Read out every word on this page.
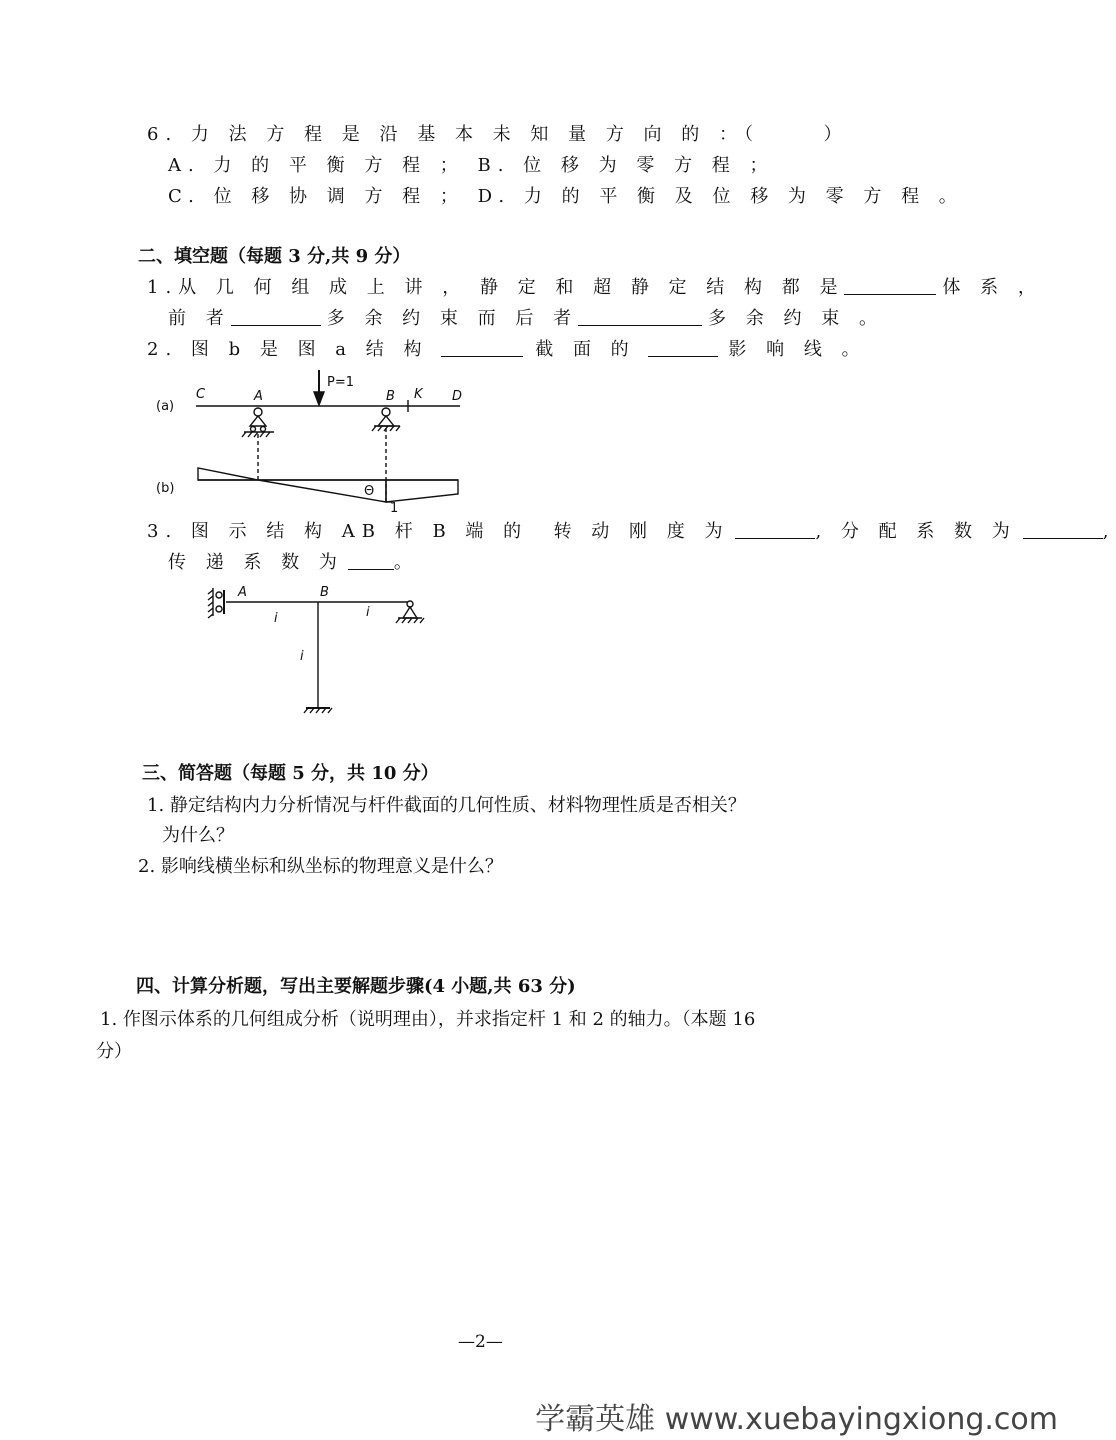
6. 力 法 方 程 是 沿 基 本 未 知 量 方 向 的 ：（     ）
A. 力 的 平 衡 方 程 ； B. 位 移 为 零 方 程 ；
C. 位 移 协 调 方 程 ； D. 力 的 平 衡 及 位 移 为 零 方 程 。
二、填空题（每题 3 分,共 9 分）
1.从 几 何 组 成 上 讲 ， 静 定 和 超 静 定 结 构 都 是	体 系 ，
前 者	多 余 约 束 而 后 者	多 余 约 束 。
2. 图 b 是 图 a 结 构	截 面 的	影 响 线 。
(a)
C	A
P=1
B K D
(b)	Θ
1
3. 图 示 结 构 AB 杆 B 端 的  转 动 刚 度 为	, 分 配 系 数 为	,
传 递 系 数 为	。
A	B
i	i
i
三、简答题（每题 5 分，共 10 分）
1. 静定结构内力分析情况与杆件截面的几何性质、材料物理性质是否相关？
为什么？
2. 影响线横坐标和纵坐标的物理意义是什么？
四、计算分析题，写出主要解题步骤(4 小题,共 63 分)
1. 作图示体系的几何组成分析（说明理由），并求指定杆 1 和 2 的轴力。（本题 16
分）
—2—
学霸英雄 www.xuebayingxiong.com
